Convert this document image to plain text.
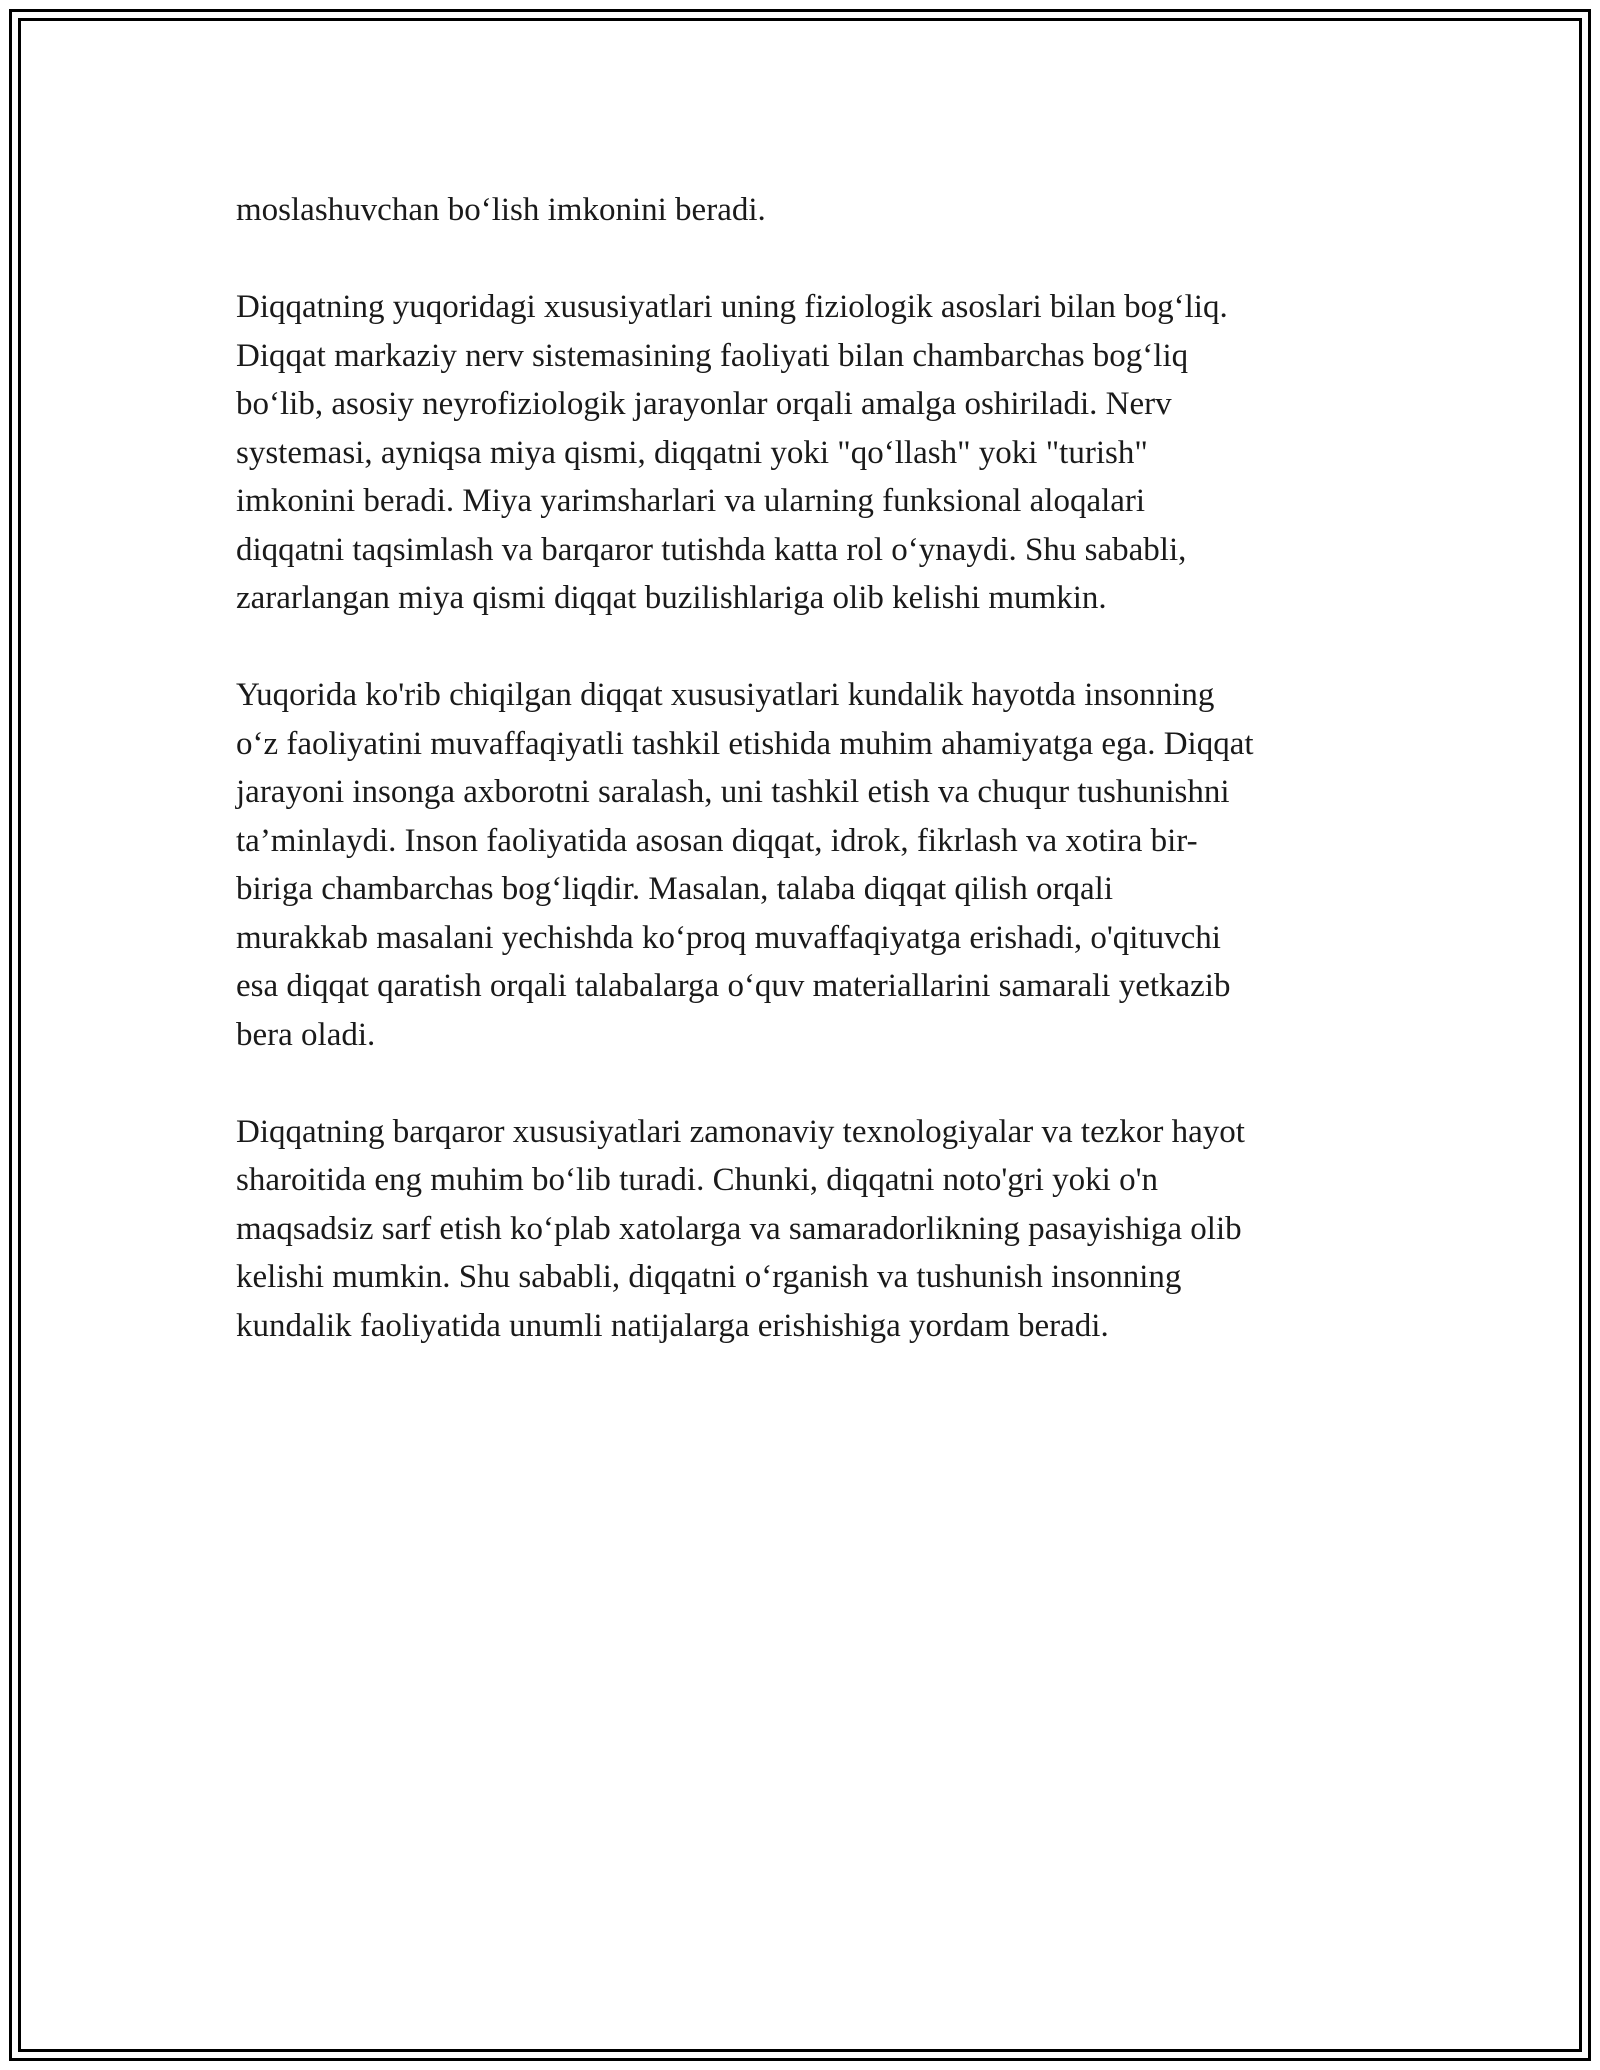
moslashuvchan bo‘lish imkonini beradi.

Diqqatning yuqoridagi xususiyatlari uning fiziologik asoslari bilan bog‘liq.
Diqqat markaziy nerv sistemasining faoliyati bilan chambarchas bog‘liq
bo‘lib, asosiy neyrofiziologik jarayonlar orqali amalga oshiriladi. Nerv
systemasi, ayniqsa miya qismi, diqqatni yoki "qo‘llash" yoki "turish"
imkonini beradi. Miya yarimsharlari va ularning funksional aloqalari
diqqatni taqsimlash va barqaror tutishda katta rol o‘ynaydi. Shu sababli,
zararlangan miya qismi diqqat buzilishlariga olib kelishi mumkin.

Yuqorida ko'rib chiqilgan diqqat xususiyatlari kundalik hayotda insonning
o‘z faoliyatini muvaffaqiyatli tashkil etishida muhim ahamiyatga ega. Diqqat
jarayoni insonga axborotni saralash, uni tashkil etish va chuqur tushunishni
ta’minlaydi. Inson faoliyatida asosan diqqat, idrok, fikrlash va xotira bir-
biriga chambarchas bog‘liqdir. Masalan, talaba diqqat qilish orqali
murakkab masalani yechishda ko‘proq muvaffaqiyatga erishadi, o'qituvchi
esa diqqat qaratish orqali talabalarga o‘quv materiallarini samarali yetkazib
bera oladi.

Diqqatning barqaror xususiyatlari zamonaviy texnologiyalar va tezkor hayot
sharoitida eng muhim bo‘lib turadi. Chunki, diqqatni noto'gri yoki o'n
maqsadsiz sarf etish ko‘plab xatolarga va samaradorlikning pasayishiga olib
kelishi mumkin. Shu sababli, diqqatni o‘rganish va tushunish insonning
kundalik faoliyatida unumli natijalarga erishishiga yordam beradi.
